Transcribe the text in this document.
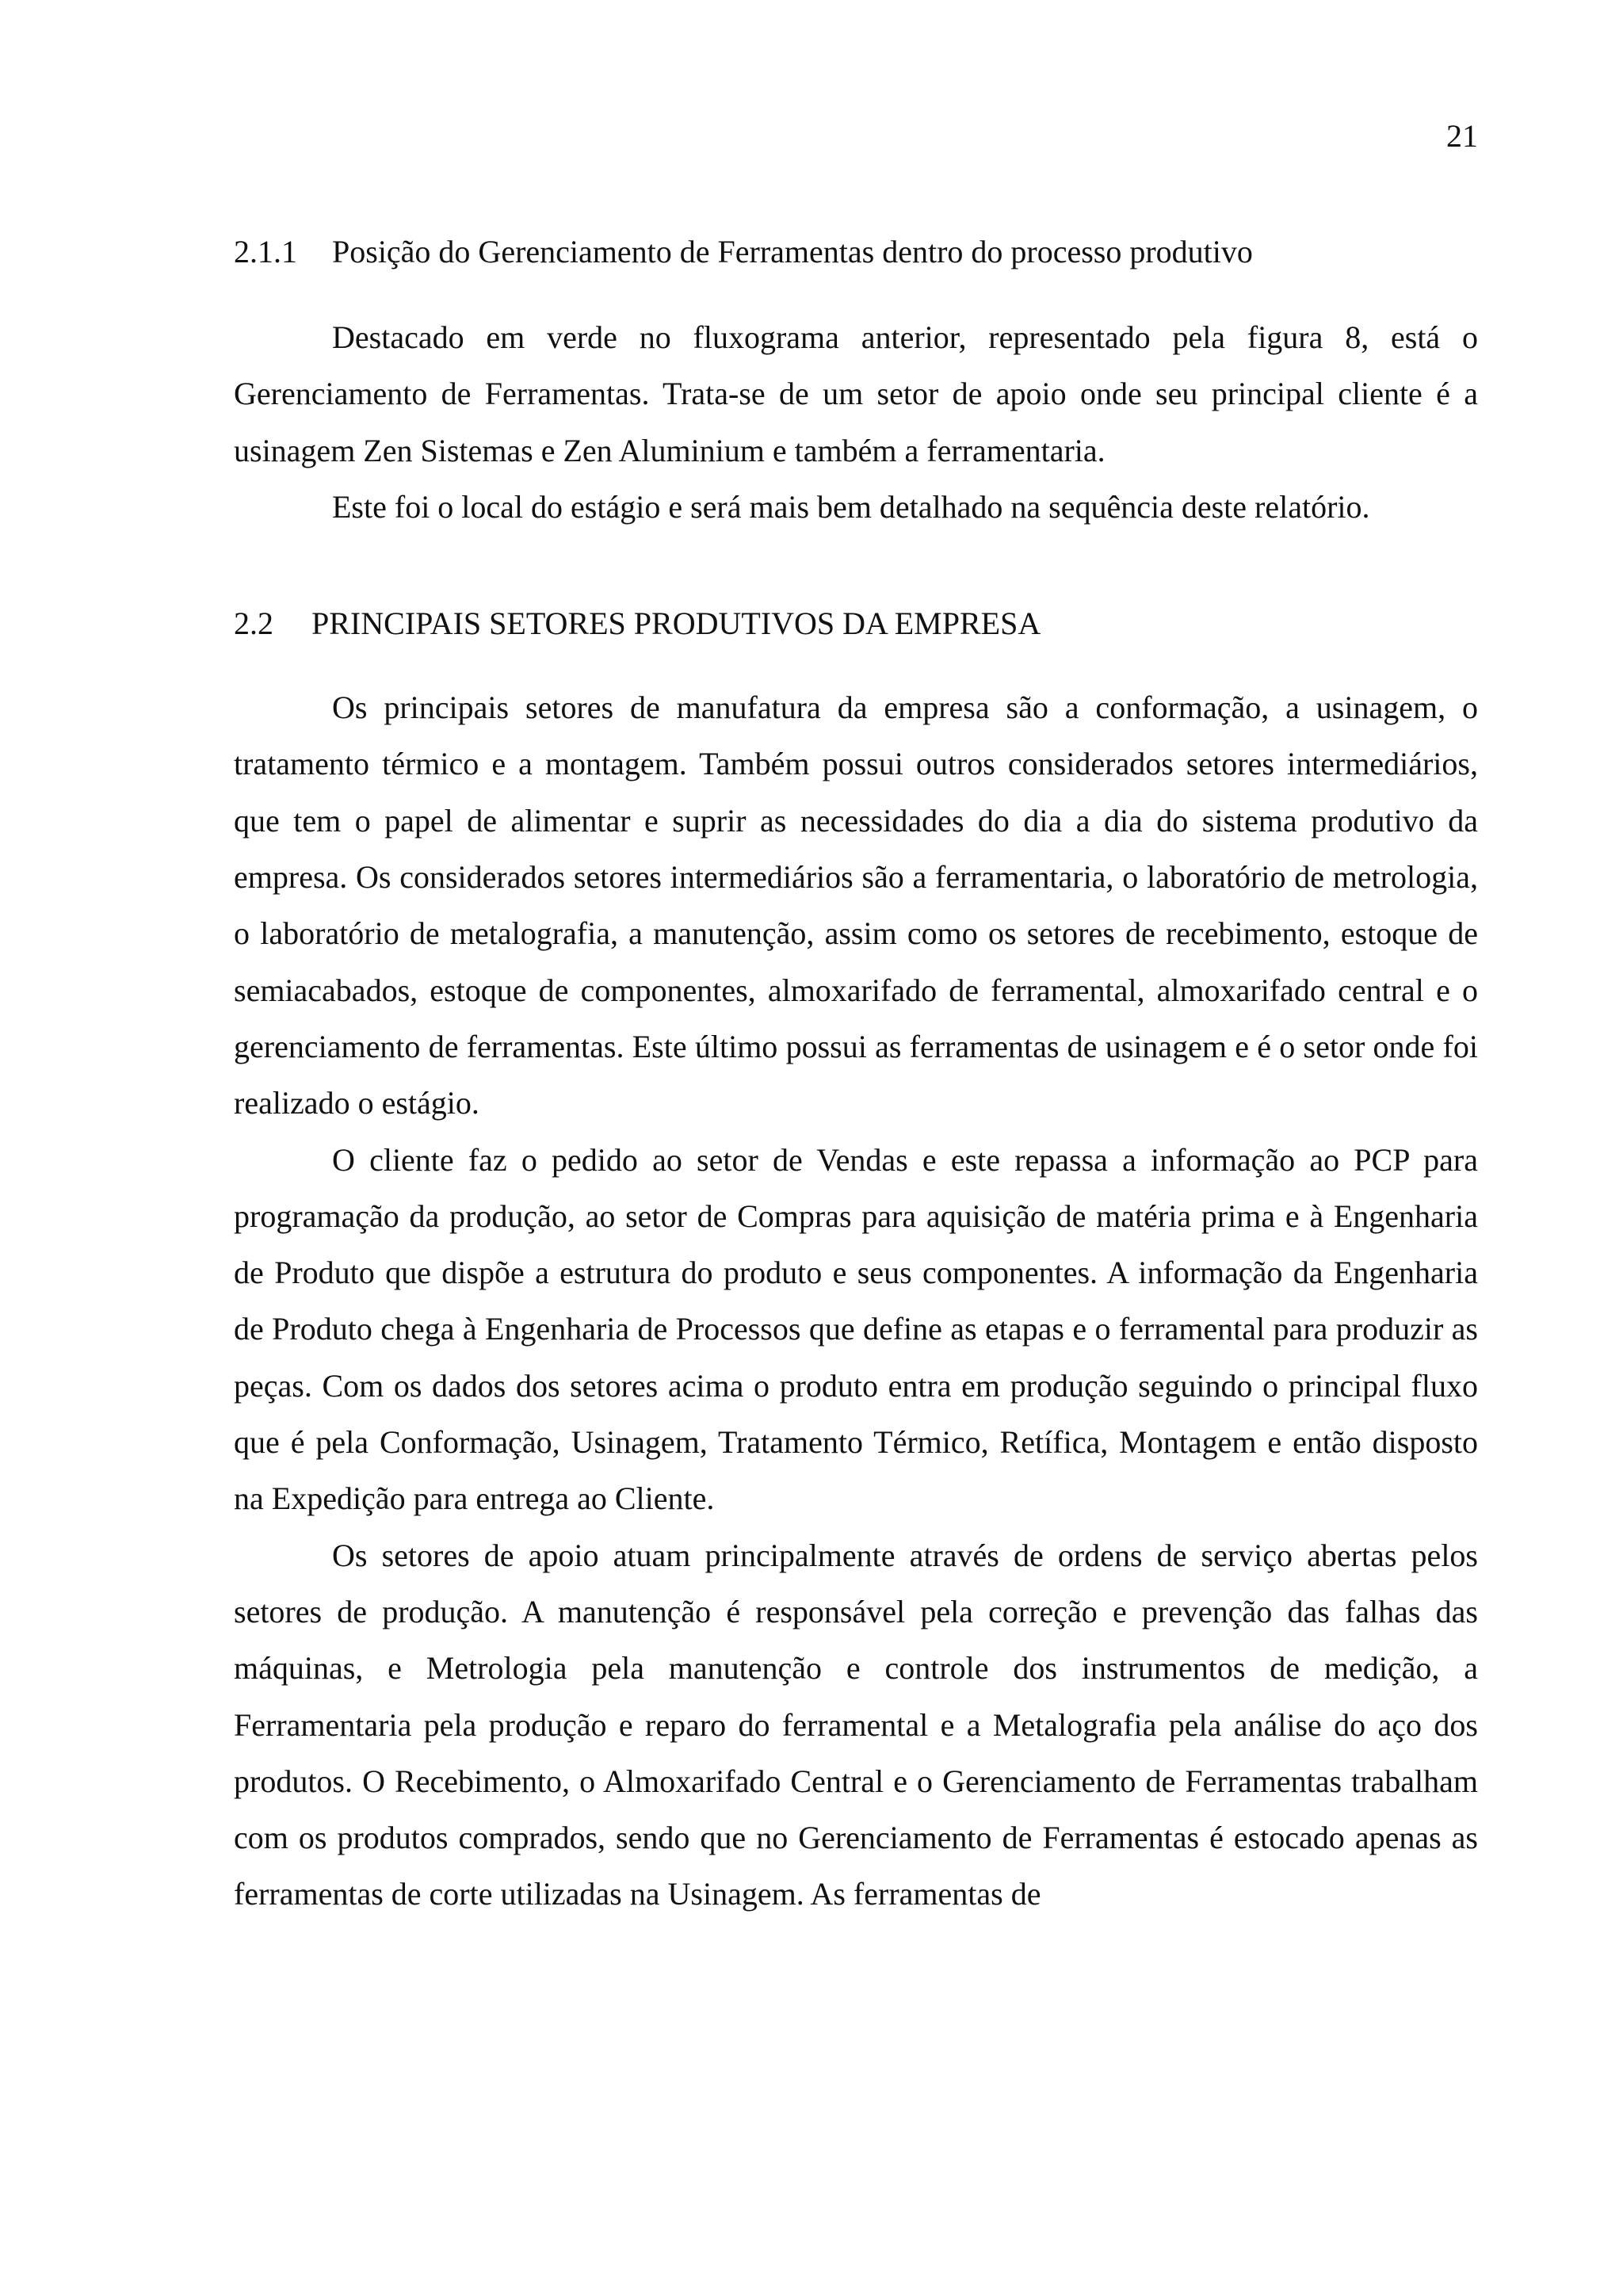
21
2.1.1 Posição do Gerenciamento de Ferramentas dentro do processo produtivo

Destacado em verde no fluxograma anterior, representado pela figura 8, está o Gerenciamento de Ferramentas. Trata-se de um setor de apoio onde seu principal cliente é a usinagem Zen Sistemas e Zen Aluminium e também a ferramentaria.

Este foi o local do estágio e será mais bem detalhado na sequência deste relatório.

2.2 PRINCIPAIS SETORES PRODUTIVOS DA EMPRESA

Os principais setores de manufatura da empresa são a conformação, a usinagem, o tratamento térmico e a montagem. Também possui outros considerados setores intermediários, que tem o papel de alimentar e suprir as necessidades do dia a dia do sistema produtivo da empresa. Os considerados setores intermediários são a ferramentaria, o laboratório de metrologia, o laboratório de metalografia, a manutenção, assim como os setores de recebimento, estoque de semiacabados, estoque de componentes, almoxarifado de ferramental, almoxarifado central e o gerenciamento de ferramentas. Este último possui as ferramentas de usinagem e é o setor onde foi realizado o estágio.

O cliente faz o pedido ao setor de Vendas e este repassa a informação ao PCP para programação da produção, ao setor de Compras para aquisição de matéria prima e à Engenharia de Produto que dispõe a estrutura do produto e seus componentes. A informação da Engenharia de Produto chega à Engenharia de Processos que define as etapas e o ferramental para produzir as peças. Com os dados dos setores acima o produto entra em produção seguindo o principal fluxo que é pela Conformação, Usinagem, Tratamento Térmico, Retífica, Montagem e então disposto na Expedição para entrega ao Cliente.

Os setores de apoio atuam principalmente através de ordens de serviço abertas pelos setores de produção. A manutenção é responsável pela correção e prevenção das falhas das máquinas, e Metrologia pela manutenção e controle dos instrumentos de medição, a Ferramentaria pela produção e reparo do ferramental e a Metalografia pela análise do aço dos produtos. O Recebimento, o Almoxarifado Central e o Gerenciamento de Ferramentas trabalham com os produtos comprados, sendo que no Gerenciamento de Ferramentas é estocado apenas as ferramentas de corte utilizadas na Usinagem. As ferramentas de
